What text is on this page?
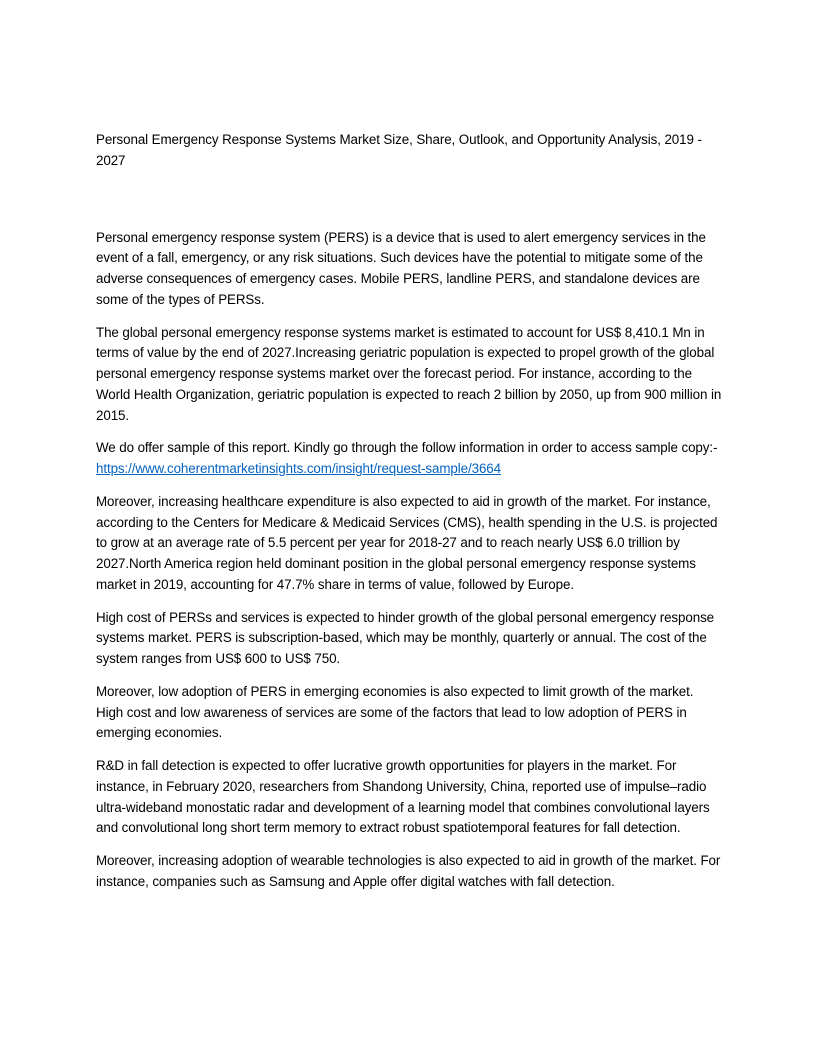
Personal Emergency Response Systems Market Size, Share, Outlook, and Opportunity Analysis, 2019 - 2027

Personal emergency response system (PERS) is a device that is used to alert emergency services in the event of a fall, emergency, or any risk situations. Such devices have the potential to mitigate some of the adverse consequences of emergency cases. Mobile PERS, landline PERS, and standalone devices are some of the types of PERSs.

The global personal emergency response systems market is estimated to account for US$ 8,410.1 Mn in terms of value by the end of 2027.Increasing geriatric population is expected to propel growth of the global personal emergency response systems market over the forecast period. For instance, according to the World Health Organization, geriatric population is expected to reach 2 billion by 2050, up from 900 million in 2015.

We do offer sample of this report. Kindly go through the follow information in order to access sample copy:- https://www.coherentmarketinsights.com/insight/request-sample/3664

Moreover, increasing healthcare expenditure is also expected to aid in growth of the market. For instance, according to the Centers for Medicare & Medicaid Services (CMS), health spending in the U.S. is projected to grow at an average rate of 5.5 percent per year for 2018-27 and to reach nearly US$ 6.0 trillion by 2027.North America region held dominant position in the global personal emergency response systems market in 2019, accounting for 47.7% share in terms of value, followed by Europe.

High cost of PERSs and services is expected to hinder growth of the global personal emergency response systems market. PERS is subscription-based, which may be monthly, quarterly or annual. The cost of the system ranges from US$ 600 to US$ 750.

Moreover, low adoption of PERS in emerging economies is also expected to limit growth of the market. High cost and low awareness of services are some of the factors that lead to low adoption of PERS in emerging economies.

R&D in fall detection is expected to offer lucrative growth opportunities for players in the market. For instance, in February 2020, researchers from Shandong University, China, reported use of impulse–radio ultra-wideband monostatic radar and development of a learning model that combines convolutional layers and convolutional long short term memory to extract robust spatiotemporal features for fall detection.

Moreover, increasing adoption of wearable technologies is also expected to aid in growth of the market. For instance, companies such as Samsung and Apple offer digital watches with fall detection.
